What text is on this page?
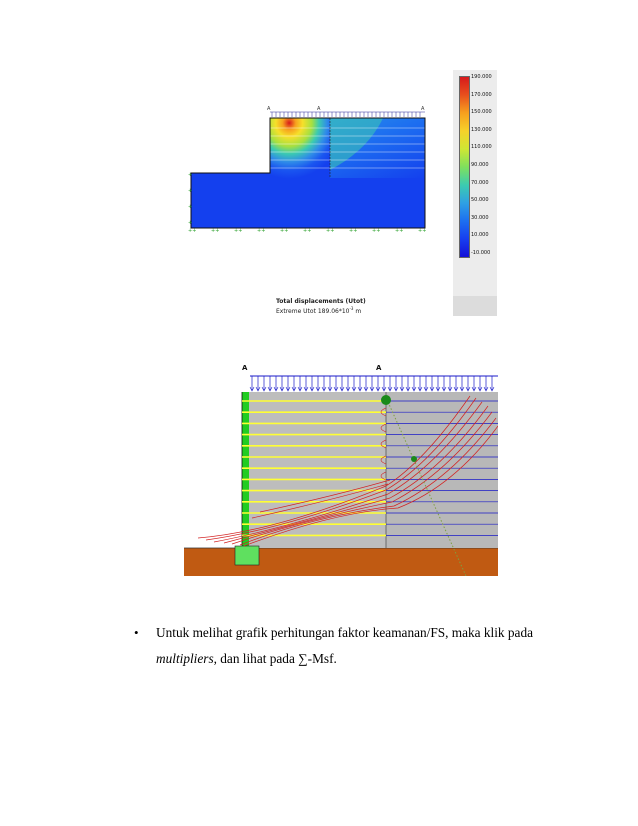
++	++	++	++	++	++	++	++	++	++	++
+
+
+
+
A	A	A
190.000
170.000
150.000
130.000
110.000
90.000
70.000
50.000
30.000
10.000
-10.000
Total displacements (Utot)
Extreme Utot $189.06*10^{-3}$ m
A	A
• Untuk melihat grafik perhitungan faktor keamanan/FS, maka klik pada
multipliers, dan lihat pada ∑-Msf.
